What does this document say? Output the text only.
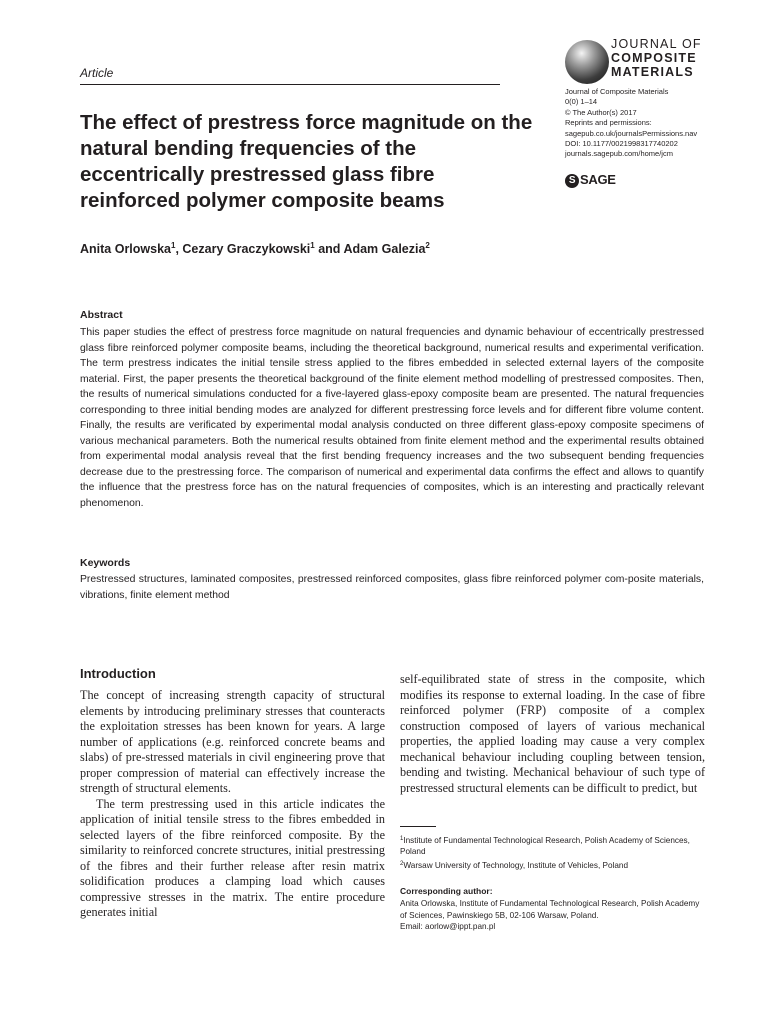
Article
JOURNAL OF
COMPOSITE
MATERIALS
Journal of Composite Materials
0(0) 1–14
© The Author(s) 2017
Reprints and permissions:
sagepub.co.uk/journalsPermissions.nav
DOI: 10.1177/0021998317740202
journals.sagepub.com/home/jcm
S SAGE
The effect of prestress force magnitude on the natural bending frequencies of the eccentrically prestressed glass fibre reinforced polymer composite beams
Anita Orlowska$^1$, Cezary Graczykowski$^1$ and Adam Galezia$^2$
Abstract

This paper studies the effect of prestress force magnitude on natural frequencies and dynamic behaviour of eccentrically prestressed glass fibre reinforced polymer composite beams, including the theoretical background, numerical results and experimental verification. The term prestress indicates the initial tensile stress applied to the fibres embedded in selected external layers of the composite material. First, the paper presents the theoretical background of the finite element method modelling of prestressed composites. Then, the results of numerical simulations conducted for a five-layered glass-epoxy composite beam are presented. The natural frequencies corresponding to three initial bending modes are analyzed for different prestressing force levels and for different fibre volume content. Finally, the results are verificated by experimental modal analysis conducted on three different glass-epoxy composite specimens of various mechanical parameters. Both the numerical results obtained from finite element method and the experimental results obtained from experimental modal analysis reveal that the first bending frequency increases and the two subsequent bending frequencies decrease due to the prestressing force. The comparison of numerical and experimental data confirms the effect and allows to quantify the influence that the prestress force has on the natural frequencies of composites, which is an interesting and practically relevant phenomenon.

Keywords

Prestressed structures, laminated composites, prestressed reinforced composites, glass fibre reinforced polymer com-posite materials, vibrations, finite element method

Introduction

The concept of increasing strength capacity of structural elements by introducing preliminary stresses that counteracts the exploitation stresses has been known for years. A large number of applications (e.g. reinforced concrete beams and slabs) of pre-stressed materials in civil engineering prove that proper compression of material can effectively increase the strength of structural elements.

The term prestressing used in this article indicates the application of initial tensile stress to the fibres embedded in selected layers of the fibre reinforced composite. By the similarity to reinforced concrete structures, initial prestressing of the fibres and their further release after resin matrix solidification produces a clamping load which causes compressive stresses in the matrix. The entire procedure generates initial

self-equilibrated state of stress in the composite, which modifies its response to external loading. In the case of fibre reinforced polymer (FRP) composite of a complex construction composed of layers of various mechanical properties, the applied loading may cause a very complex mechanical behaviour including coupling between tension, bending and twisting. Mechanical behaviour of such type of prestressed structural elements can be difficult to predict, but

$^1$Institute of Fundamental Technological Research, Polish Academy of Sciences, Poland
$^2$Warsaw University of Technology, Institute of Vehicles, Poland
Corresponding author:
Anita Orlowska, Institute of Fundamental Technological Research, Polish Academy of Sciences, Pawinskiego 5B, 02-106 Warsaw, Poland.
Email: aorlow@ippt.pan.pl
